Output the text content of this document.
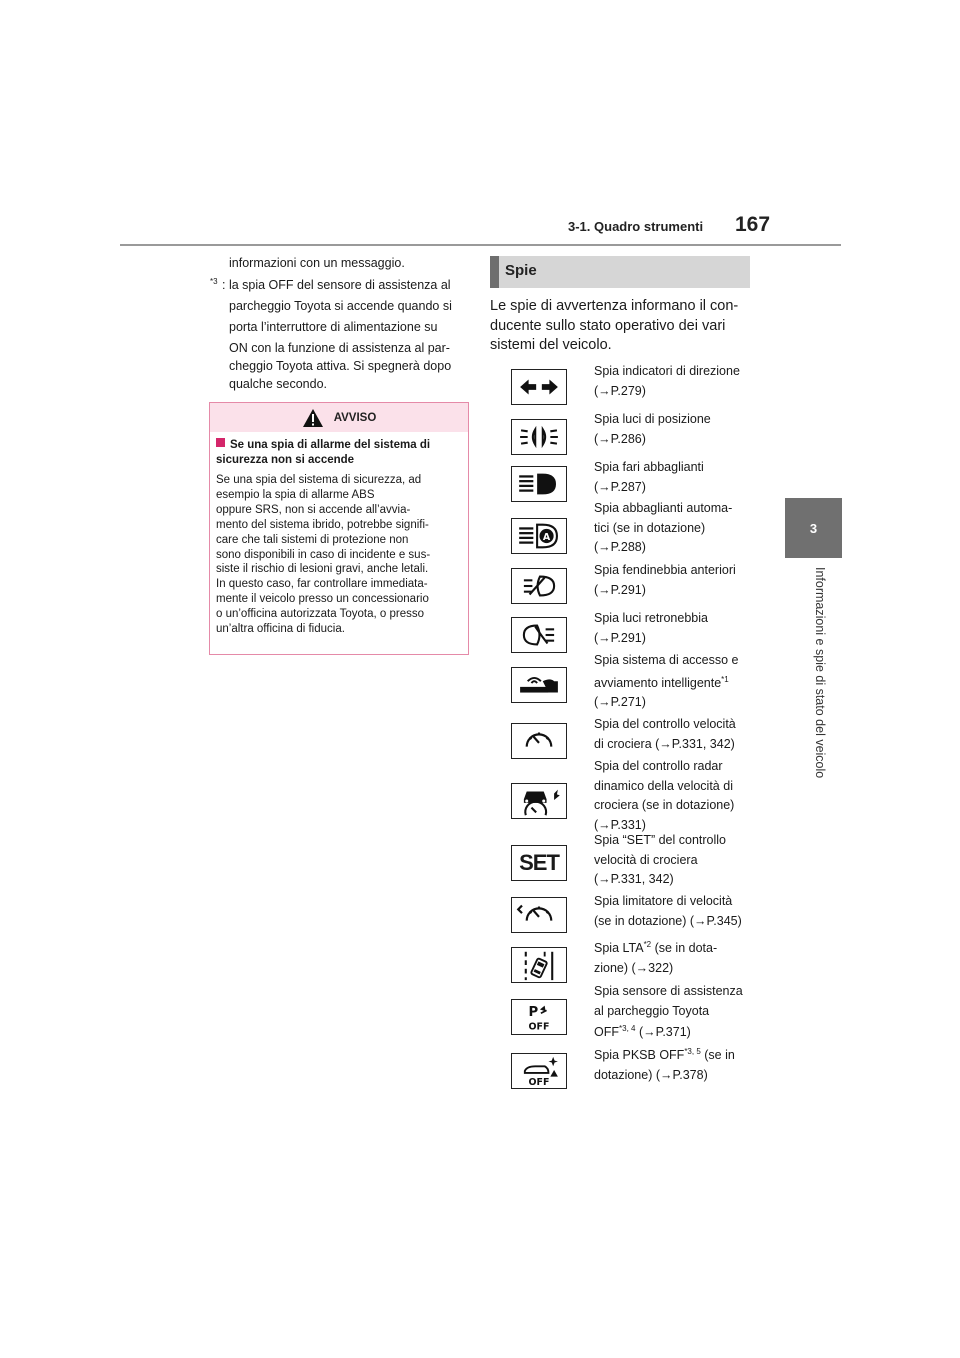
3-1. Quadro strumenti 167
3
Informazioni e spie di stato del veicolo
informazioni con un messaggio.
$^{*3}$ : la spia OFF del sensore di assistenza al
parcheggio Toyota si accende quando si
porta l’interruttore di alimentazione su
ON con la funzione di assistenza al par-
cheggio Toyota attiva. Si spegnerà dopo
qualche secondo.
AVVISO
Se una spia di allarme del sistema di sicurezza non si accende
Se una spia del sistema di sicurezza, ad
esempio la spia di allarme ABS
oppure SRS, non si accende all’avvia-
mento del sistema ibrido, potrebbe signifi-
care che tali sistemi di protezione non
sono disponibili in caso di incidente e sus-
siste il rischio di lesioni gravi, anche letali.
In questo caso, far controllare immediata-
mente il veicolo presso un concessionario
o un’officina autorizzata Toyota, o presso
un’altra officina di fiducia.
Spie
Le spie di avvertenza informano il con-
ducente sullo stato operativo dei vari
sistemi del veicolo.
A
SET
P
OFF
OFF
Spia indicatori di direzione
(→P.279)
Spia luci di posizione
(→P.286)
Spia fari abbaglianti
(→P.287)
Spia abbaglianti automa-
tici (se in dotazione)
(→P.288)
Spia fendinebbia anteriori
(→P.291)
Spia luci retronebbia
(→P.291)
Spia sistema di accesso e
avviamento intelligente$^{*1}$
(→P.271)
Spia del controllo velocità
di crociera (→P.331, 342)
Spia del controllo radar
dinamico della velocità di
crociera (se in dotazione)
(→P.331)
Spia “SET” del controllo
velocità di crociera
(→P.331, 342)
Spia limitatore di velocità
(se in dotazione) (→P.345)
Spia LTA$^{*2}$ (se in dota-
zione) (→322)
Spia sensore di assistenza
al parcheggio Toyota
OFF$^{*3, 4}$ (→P.371)
Spia PKSB OFF$^{*3, 5}$ (se in
dotazione) (→P.378)
